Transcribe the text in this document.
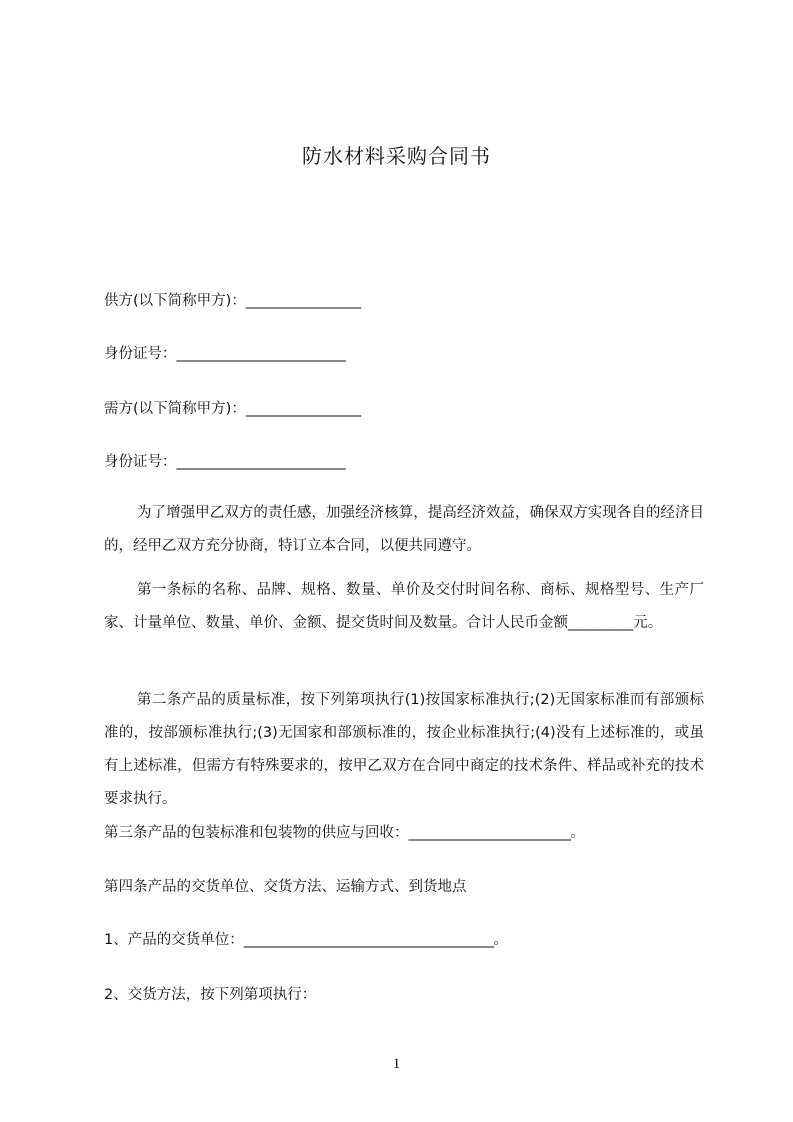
防水材料采购合同书
供方(以下简称甲方)：_________________
身份证号：_________________________
需方(以下简称甲方)：_________________
身份证号：_________________________
为了增强甲乙双方的责任感，加强经济核算，提高经济效益，确保双方实现各自的经济目的，经甲乙双方充分协商，特订立本合同，以便共同遵守。
第一条标的名称、品牌、规格、数量、单价及交付时间名称、商标、规格型号、生产厂家、计量单位、数量、单价、金额、提交货时间及数量。合计人民币金额_________元。
第二条产品的质量标准，按下列第项执行(1)按国家标准执行;(2)无国家标准而有部颁标准的，按部颁标准执行;(3)无国家和部颁标准的，按企业标准执行;(4)没有上述标准的，或虽有上述标准，但需方有特殊要求的，按甲乙双方在合同中商定的技术条件、样品或补充的技术要求执行。
第三条产品的包装标准和包装物的供应与回收：________________________。
第四条产品的交货单位、交货方法、运输方式、到货地点
1、产品的交货单位：_____________________________________。
2、交货方法，按下列第项执行：
1
